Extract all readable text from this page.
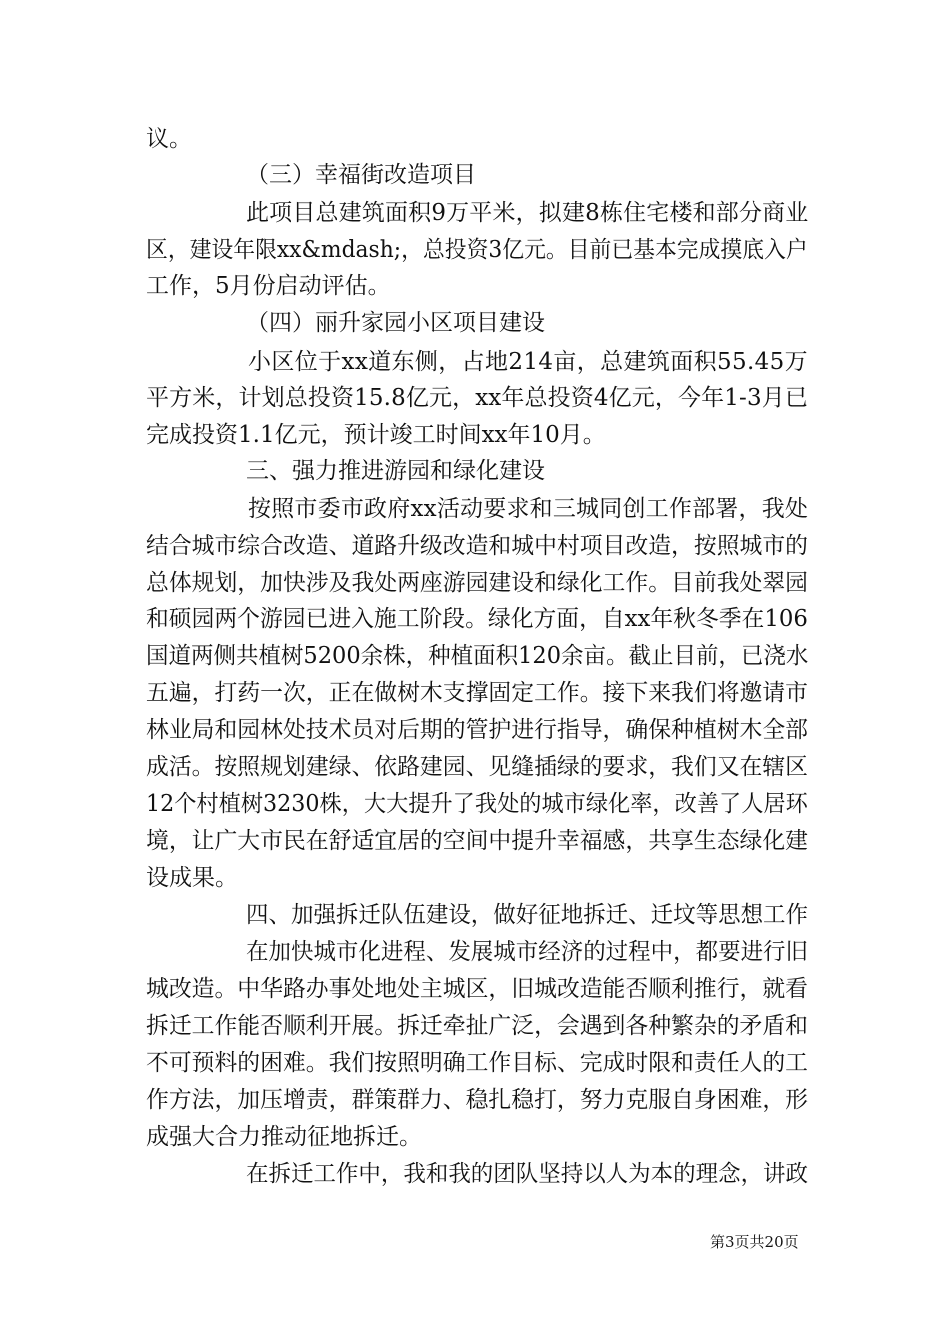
议。
（三）幸福街改造项目
此项目总建筑面积9万平米，拟建8栋住宅楼和部分商业
区，建设年限xx&mdash;，总投资3亿元。目前已基本完成摸底入户
工作，5月份启动评估。
（四）丽升家园小区项目建设
小区位于xx道东侧，占地214亩，总建筑面积55.45万
平方米，计划总投资15.8亿元，xx年总投资4亿元，今年1-3月已
完成投资1.1亿元，预计竣工时间xx年10月。
三、强力推进游园和绿化建设
按照市委市政府xx活动要求和三城同创工作部署，我处
结合城市综合改造、道路升级改造和城中村项目改造，按照城市的
总体规划，加快涉及我处两座游园建设和绿化工作。目前我处翠园
和硕园两个游园已进入施工阶段。绿化方面，自xx年秋冬季在106
国道两侧共植树5200余株，种植面积120余亩。截止目前，已浇水
五遍，打药一次，正在做树木支撑固定工作。接下来我们将邀请市
林业局和园林处技术员对后期的管护进行指导，确保种植树木全部
成活。按照规划建绿、依路建园、见缝插绿的要求，我们又在辖区
12个村植树3230株，大大提升了我处的城市绿化率，改善了人居环
境，让广大市民在舒适宜居的空间中提升幸福感，共享生态绿化建
设成果。
四、加强拆迁队伍建设，做好征地拆迁、迁坟等思想工作
在加快城市化进程、发展城市经济的过程中，都要进行旧
城改造。中华路办事处地处主城区，旧城改造能否顺利推行，就看
拆迁工作能否顺利开展。拆迁牵扯广泛，会遇到各种繁杂的矛盾和
不可预料的困难。我们按照明确工作目标、完成时限和责任人的工
作方法，加压增责，群策群力、稳扎稳打，努力克服自身困难，形
成强大合力推动征地拆迁。
在拆迁工作中，我和我的团队坚持以人为本的理念，讲政
第3页共20页
